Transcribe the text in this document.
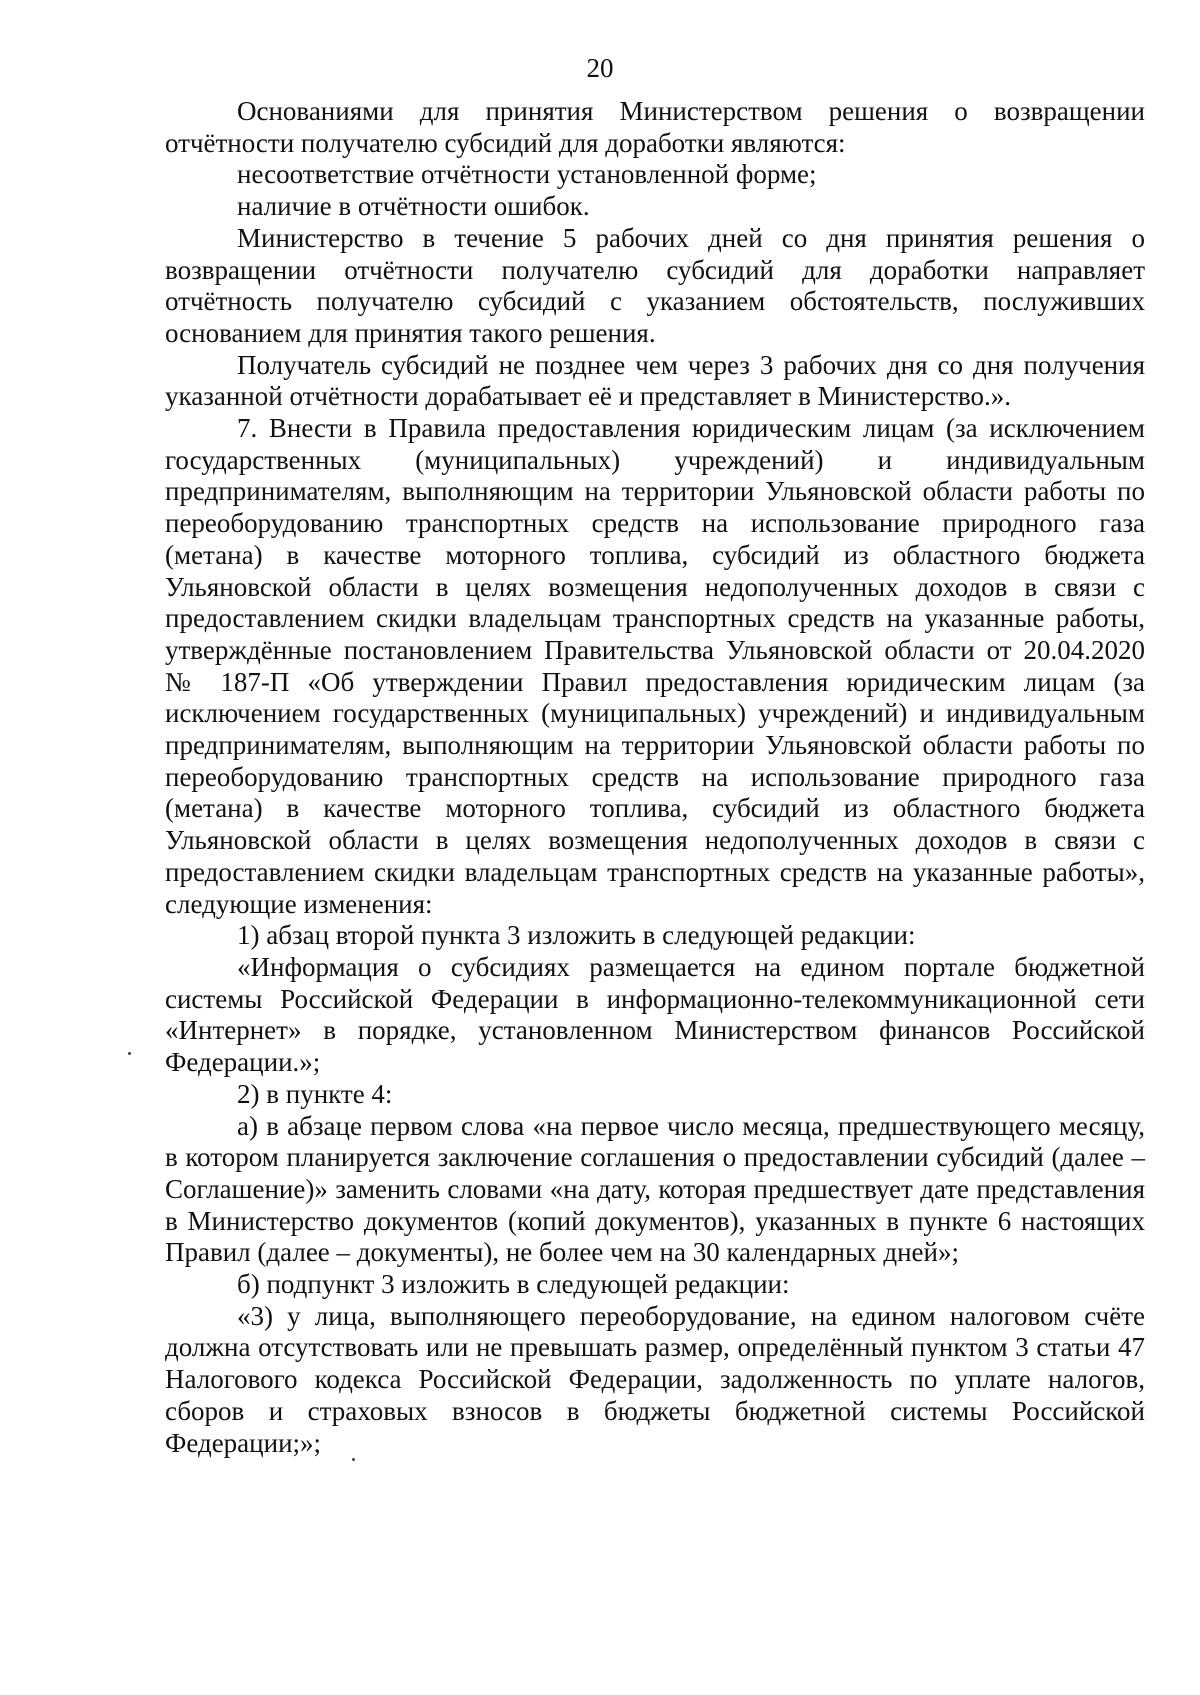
20

Основаниями для принятия Министерством решения о возвращении отчётности получателю субсидий для доработки являются:

несоответствие отчётности установленной форме;

наличие в отчётности ошибок.

Министерство в течение 5 рабочих дней со дня принятия решения о возвращении отчётности получателю субсидий для доработки направляет отчётность получателю субсидий с указанием обстоятельств, послуживших основанием для принятия такого решения.

Получатель субсидий не позднее чем через 3 рабочих дня со дня получения указанной отчётности дорабатывает её и представляет в Министерство.».

7. Внести в Правила предоставления юридическим лицам (за исключением государственных (муниципальных) учреждений) и индивидуальным предпринимателям, выполняющим на территории Ульяновской области работы по переоборудованию транспортных средств на использование природного газа (метана) в качестве моторного топлива, субсидий из областного бюджета Ульяновской области в целях возмещения недополученных доходов в связи с предоставлением скидки владельцам транспортных средств на указанные работы, утверждённые постановлением Правительства Ульяновской области от 20.04.2020 № 187-П «Об утверждении Правил предоставления юридическим лицам (за исключением государственных (муниципальных) учреждений) и индивидуальным предпринимателям, выполняющим на территории Ульяновской области работы по переоборудованию транспортных средств на использование природного газа (метана) в качестве моторного топлива, субсидий из областного бюджета Ульяновской области в целях возмещения недополученных доходов в связи с предоставлением скидки владельцам транспортных средств на указанные работы», следующие изменения:

1) абзац второй пункта 3 изложить в следующей редакции:

«Информация о субсидиях размещается на едином портале бюджетной системы Российской Федерации в информационно-телекоммуникационной сети «Интернет» в порядке, установленном Министерством финансов Российской Федерации.»;

2) в пункте 4:

а) в абзаце первом слова «на первое число месяца, предшествующего месяцу, в котором планируется заключение соглашения о предоставлении субсидий (далее – Соглашение)» заменить словами «на дату, которая предшествует дате представления в Министерство документов (копий документов), указанных в пункте 6 настоящих Правил (далее – документы), не более чем на 30 календарных дней»;

б) подпункт 3 изложить в следующей редакции:

«3) у лица, выполняющего переоборудование, на едином налоговом счёте должна отсутствовать или не превышать размер, определённый пунктом 3 статьи 47 Налогового кодекса Российской Федерации, задолженность по уплате налогов, сборов и страховых взносов в бюджеты бюджетной системы Российской Федерации;»;
